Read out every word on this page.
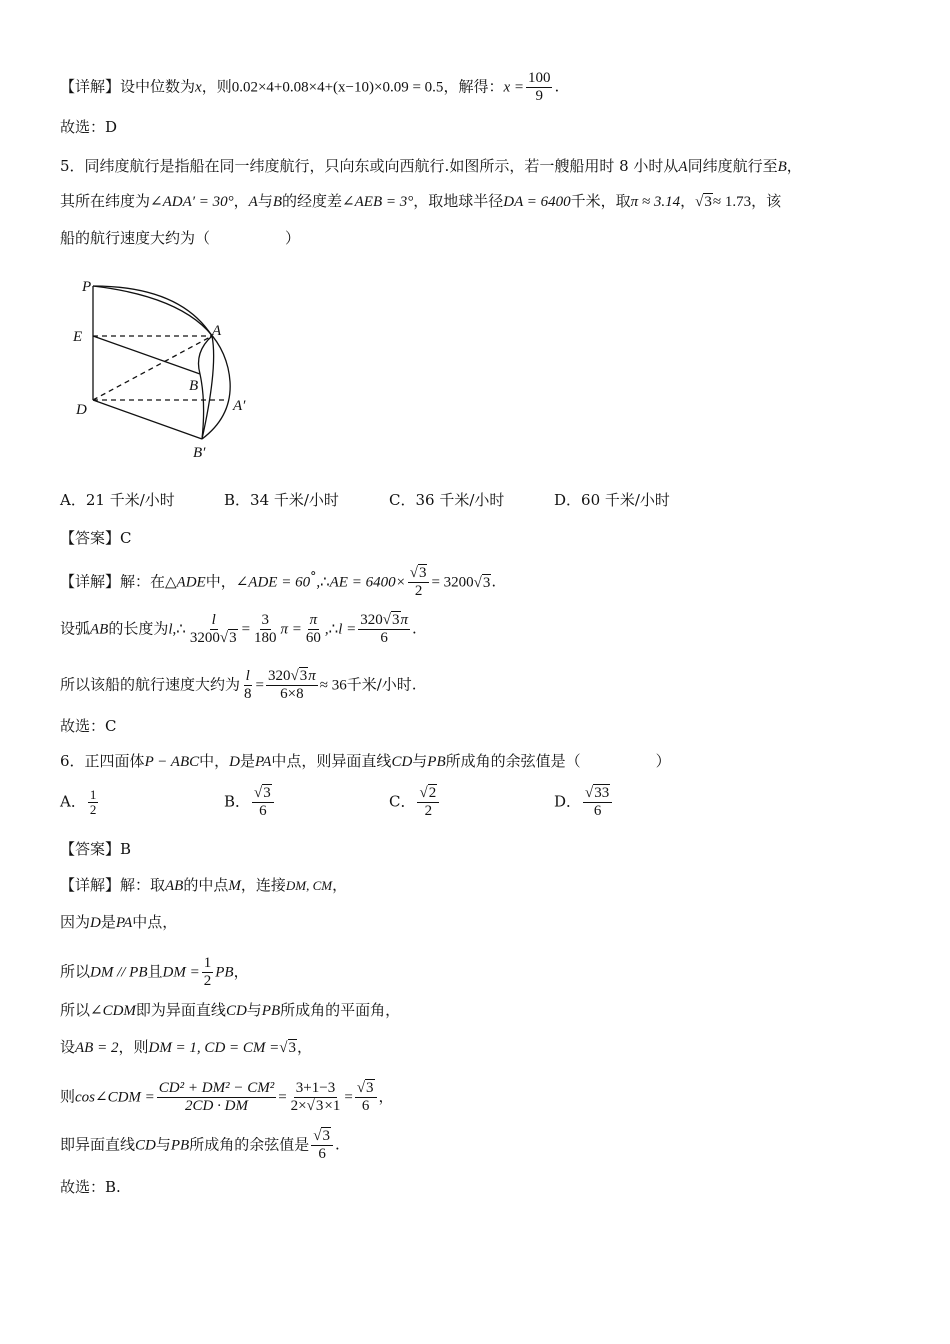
【详解】设中位数为x，则0.02×4+0.08×4+(x−10)×0.09 = 0.5，解得：$x = \frac{100}{9}$ .
故选：D
5．同纬度航行是指船在同一纬度航行，只向东或向西航行.如图所示，若一艘船用时 8 小时从A同纬度航行至B，
其所在纬度为∠ADA′ = 30°，A与B的经度差∠AEB = 3°，取地球半径DA = 6400千米，取π ≈ 3.14，√3≈ 1.73，该
船的航行速度大约为（　　　　　）
P
E	A
B
D	A′
B′
A．21 千米/小时	B．34 千米/小时	C．36 千米/小时	D．60 千米/小时
【答案】C
【详解】解：在△ADE中，∠ADE = 60°,∴AE = $6400\times \frac{√3}{2} = 3200√3$.
设弧AB的长度为l,∴ $\frac{l}{3200√3} = \frac{3}{180}$ $\pi = \frac{\pi}{60}$ ,∴l = $\frac{320√3\pi}{6}$ .
所以该船的航行速度大约为 $\frac{l}{8} = \frac{320√3\pi}{6\times 8} \approx 36$千米/小时.
故选：C
6．正四面体P − ABC中，D是PA中点，则异面直线CD与PB所成角的余弦值是（　　　　　）
A． $\frac{1}{2}$	B． $\frac{√3}{6}$	C． $\frac{√2}{2}$	D． $\frac{√33}{6}$
【答案】B
【详解】解：取AB的中点M，连接DM, CM，
因为D是PA中点，
所以DM // PB且DM = $\frac{1}{2}$ PB，
所以∠CDM即为异面直线CD与PB所成角的平面角，
设AB = 2，则DM = 1, CD = CM =√3，
则cos∠CDM = $\frac{\text{CD² + DM² − CM²}}{2CD \cdot DM} = \frac{3+1-3}{2\times√3\times 1} = \frac{√3}{6}$ ，
即异面直线CD与PB所成角的余弦值是 $\frac{√3}{6}$ .
故选：B.
